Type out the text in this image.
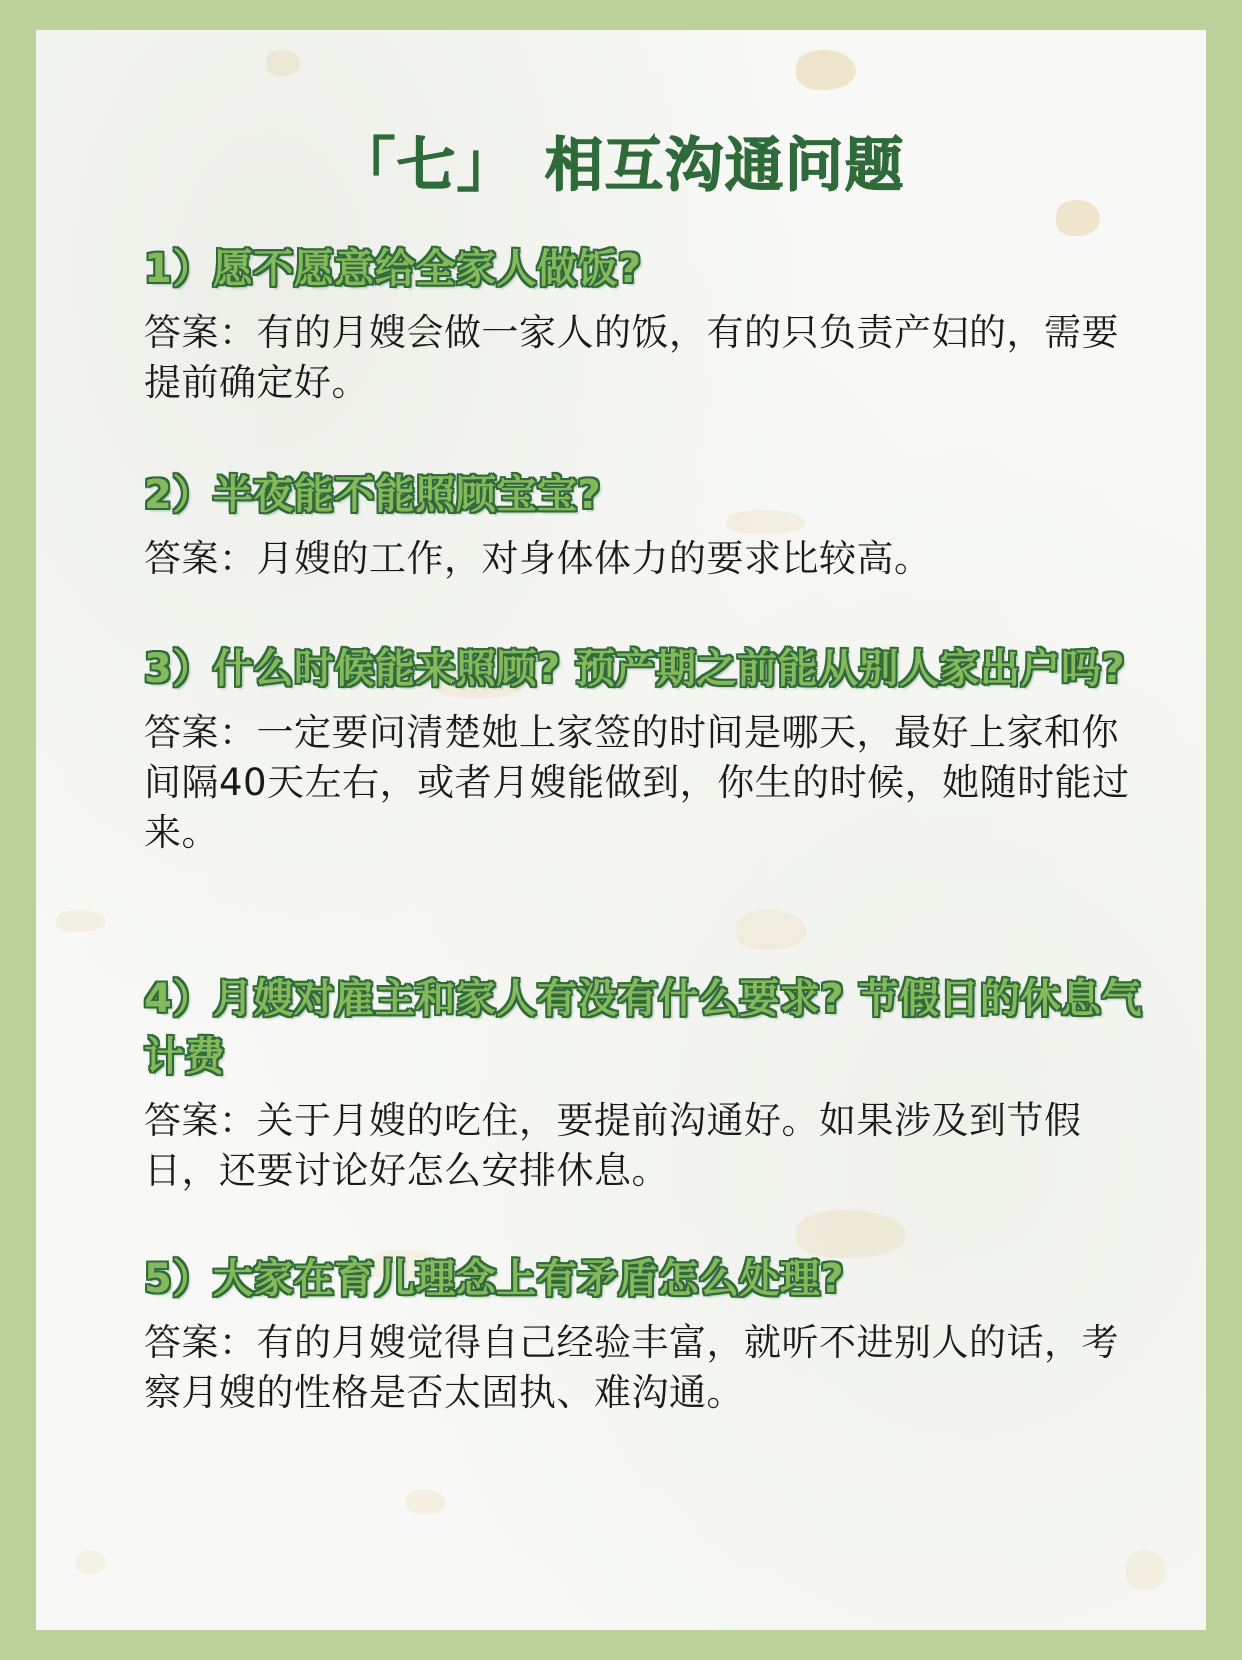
「七」 相互沟通问题
1）愿不愿意给全家人做饭?
答案：有的月嫂会做一家人的饭，有的只负责产妇的，需要提前确定好。
2）半夜能不能照顾宝宝?
答案：月嫂的工作，对身体体力的要求比较高。
3）什么时候能来照顾? 预产期之前能从别人家出户吗?
答案：一定要问清楚她上家签的时间是哪天，最好上家和你间隔40天左右，或者月嫂能做到，你生的时候，她随时能过来。
4）月嫂对雇主和家人有没有什么要求? 节假日的休息气计费
答案：关于月嫂的吃住，要提前沟通好。如果涉及到节假日，还要讨论好怎么安排休息。
5）大家在育儿理念上有矛盾怎么处理?
答案：有的月嫂觉得自己经验丰富，就听不进别人的话，考察月嫂的性格是否太固执、难沟通。
